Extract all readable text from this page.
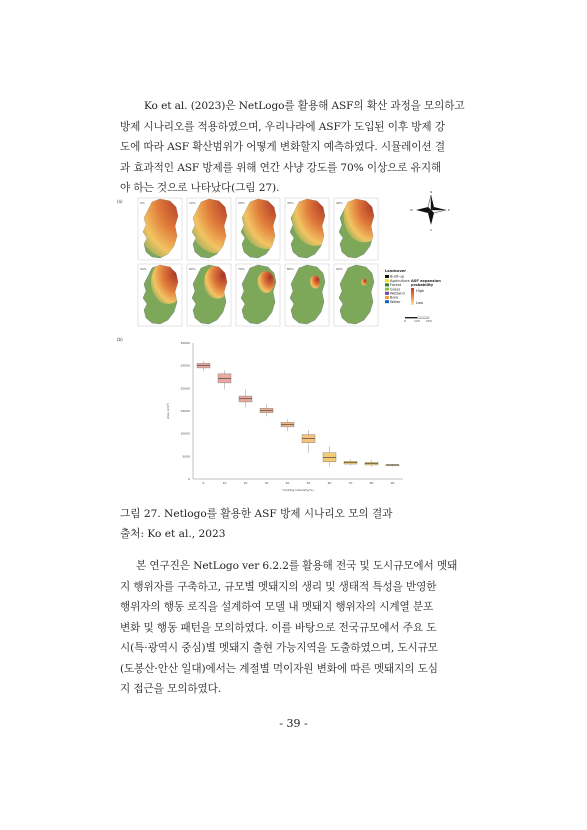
Ko et al. (2023)은 NetLogo를 활용해 ASF의 확산 과정을 모의하고
방제 시나리오를 적용하였으며, 우리나라에 ASF가 도입된 이후 방제 강
도에 따라 ASF 확산범위가 어떻게 변화할지 예측하였다. 시뮬레이션 결
과 효과적인 ASF 방제를 위해 연간 사냥 강도를 70% 이상으로 유지해
야 하는 것으로 나타났다(그림 27).

(a)	0%	10%	20%	30%	40%
50%	60%	70%	80%	90%
N
S
E
W
Landcover
Built-up
Agriculture
Forest
Grass
Wetland
Bare
Water
ASF expansion
probability
High
Low
0	125 250
(b)
Area (km²)
Hunting Intensity(%)
0
5000
10000
15000
20000
25000
30000
0	10	20	30	40	50	60	70	80	90
그림 27. Netlogo를 활용한 ASF 방제 시나리오 모의 결과
출처: Ko et al., 2023

본 연구진은 NetLogo ver 6.2.2를 활용해 전국 및 도시규모에서 멧돼
지 행위자를 구축하고, 규모별 멧돼지의 생리 및 생태적 특성을 반영한
행위자의 행동 로직을 설계하여 모델 내 멧돼지 행위자의 시계열 분포
변화 및 행동 패턴을 모의하였다. 이를 바탕으로 전국규모에서 주요 도
시(특·광역시 중심)별 멧돼지 출현 가능지역을 도출하였으며, 도시규모
(도봉산·안산 일대)에서는 계절별 먹이자원 변화에 따른 멧돼지의 도심
지 접근을 모의하였다.

- 39 -
